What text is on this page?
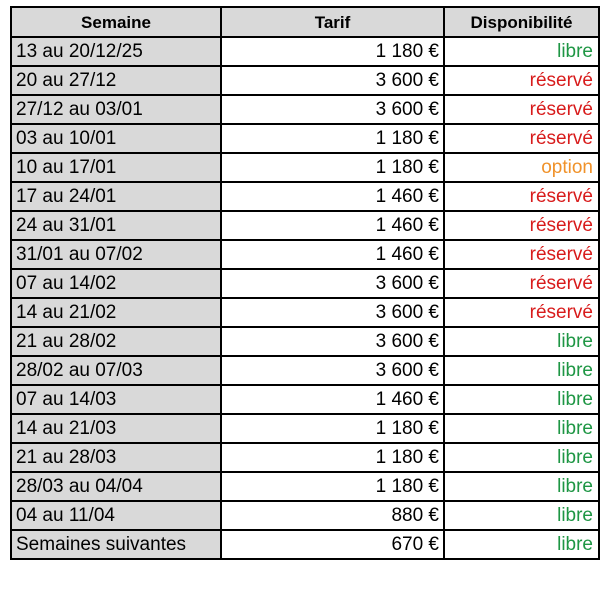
Semaine	Tarif	Disponibilité
13 au 20/12/25	1 180 €	libre
20 au 27/12	3 600 €	réservé
27/12 au 03/01	3 600 €	réservé
03 au 10/01	1 180 €	réservé
10 au 17/01	1 180 €	option
17 au 24/01	1 460 €	réservé
24 au 31/01	1 460 €	réservé
31/01 au 07/02	1 460 €	réservé
07 au 14/02	3 600 €	réservé
14 au 21/02	3 600 €	réservé
21 au 28/02	3 600 €	libre
28/02 au 07/03	3 600 €	libre
07 au 14/03	1 460 €	libre
14 au 21/03	1 180 €	libre
21 au 28/03	1 180 €	libre
28/03 au 04/04	1 180 €	libre
04 au 11/04	880 €	libre
Semaines suivantes	670 €	libre
